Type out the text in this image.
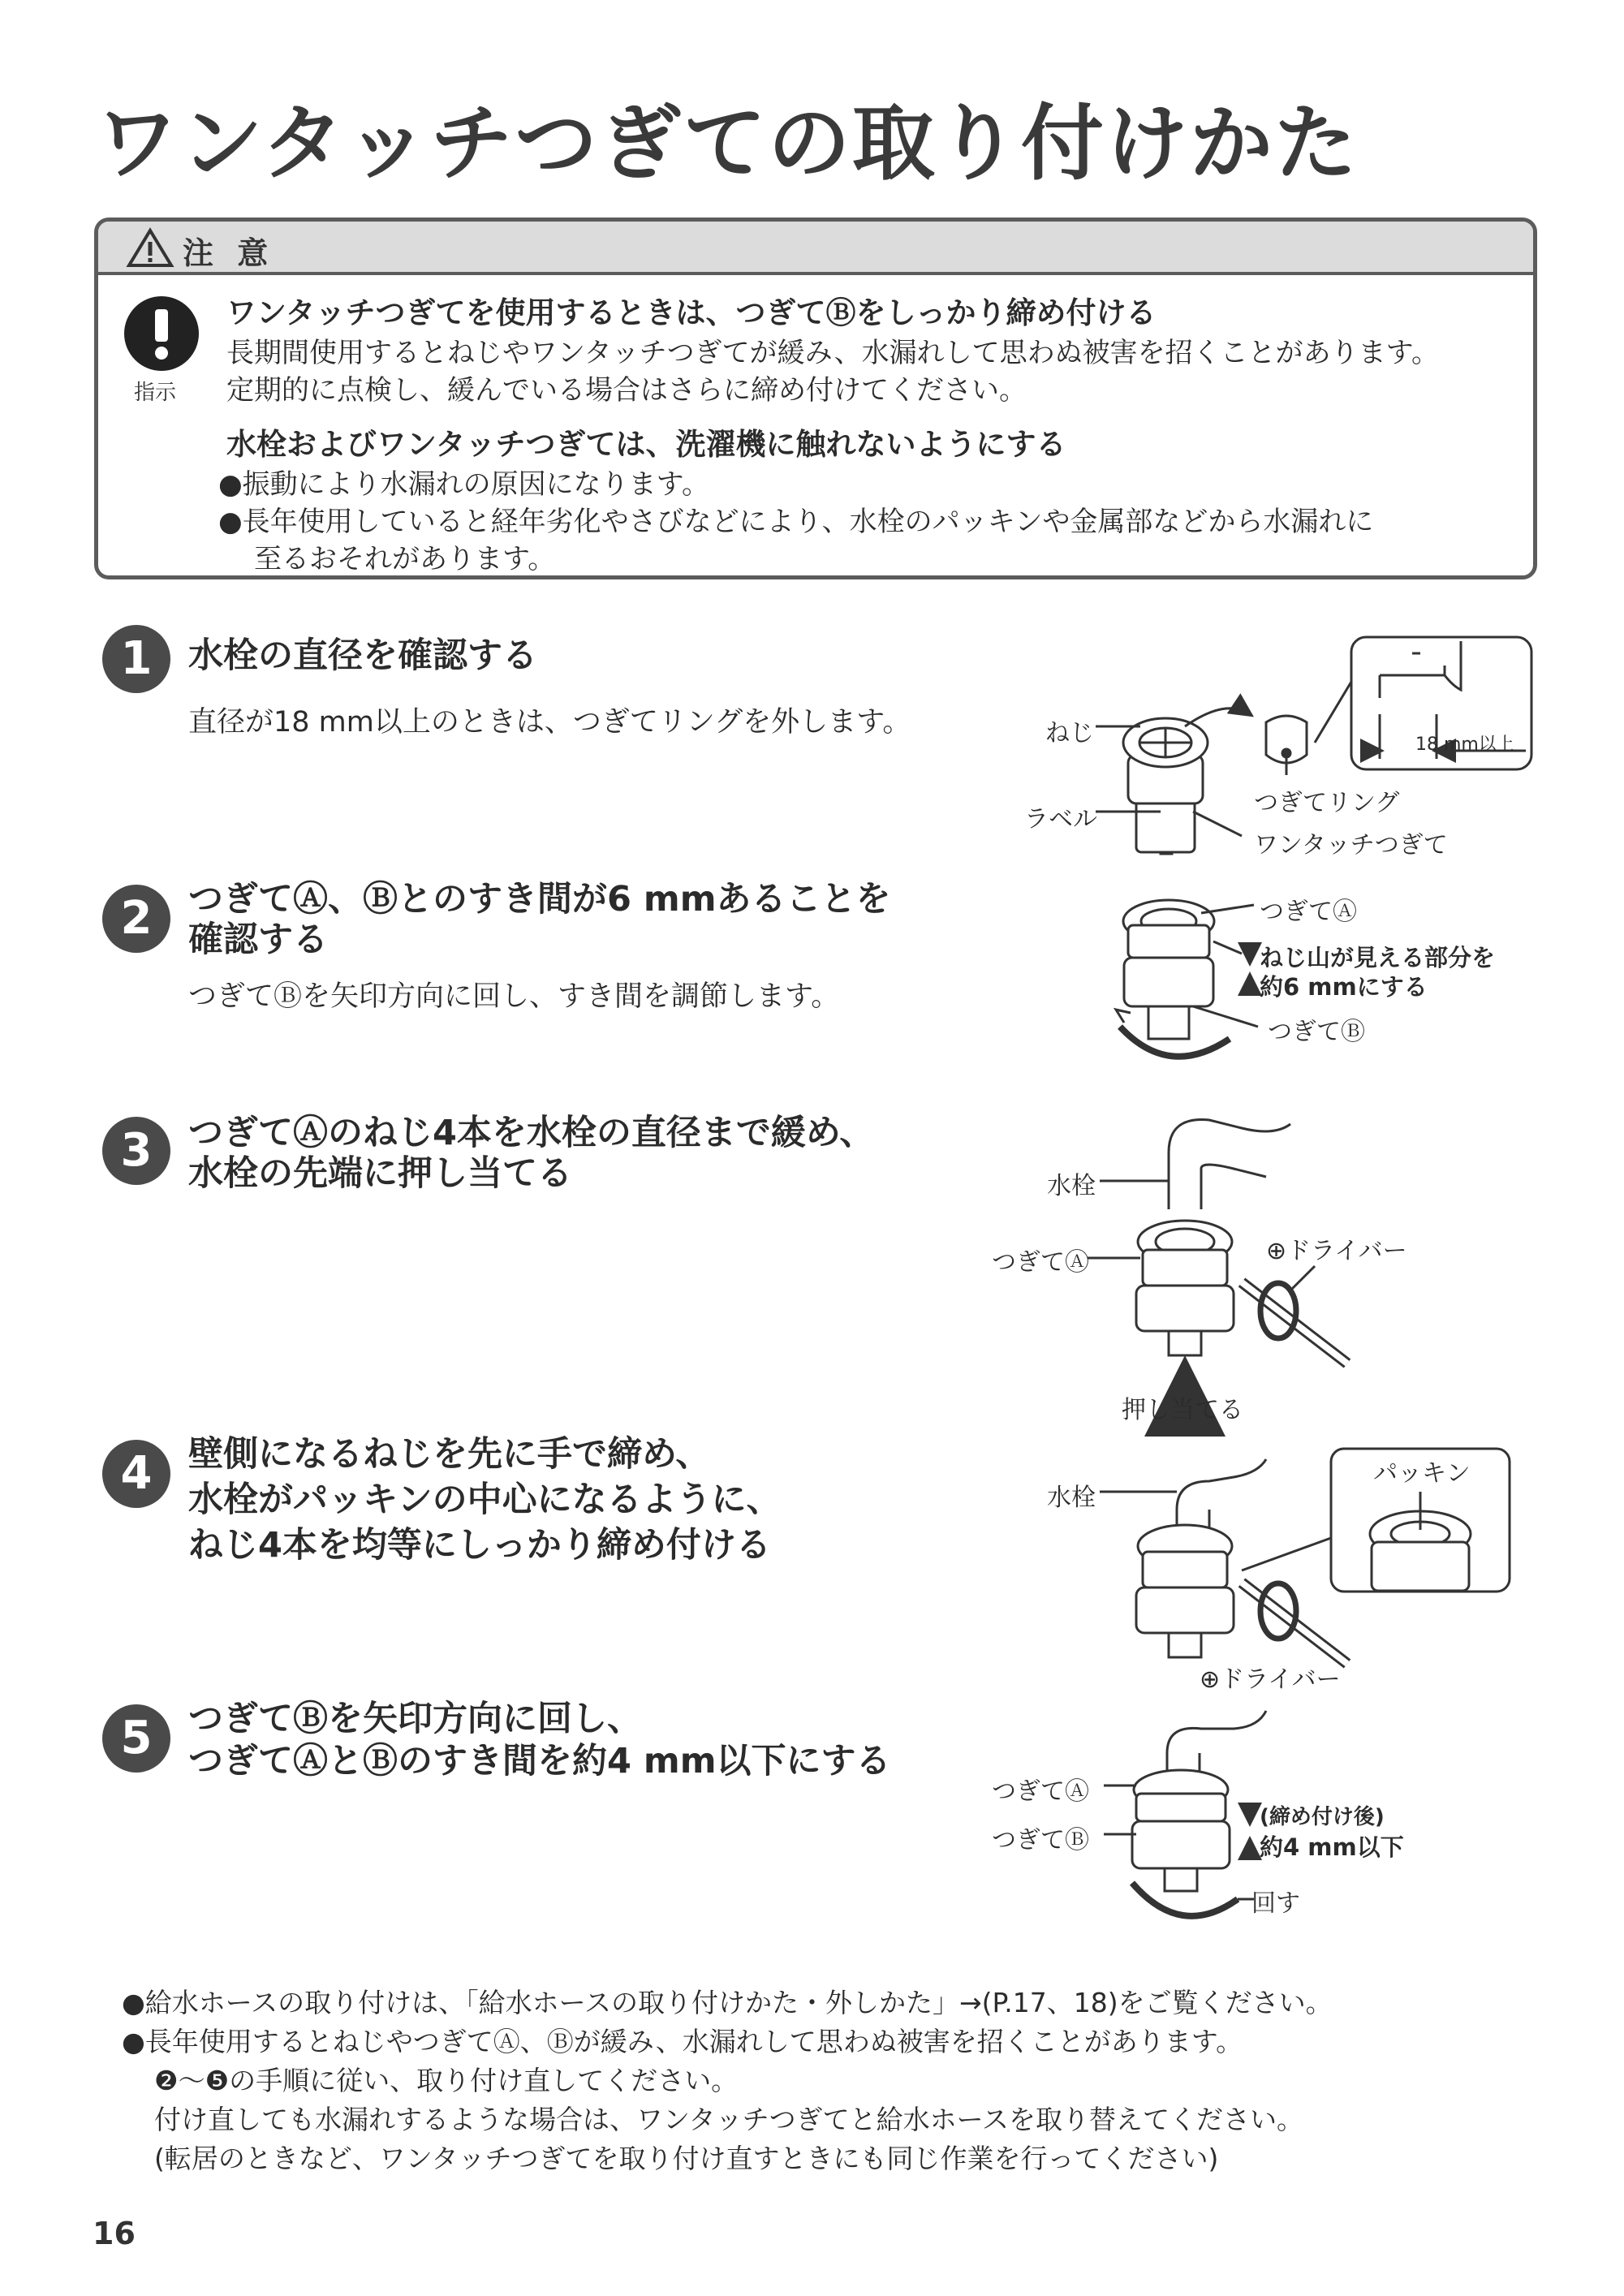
ワンタッチつぎての取り付けかた
注 意
指示
ワンタッチつぎてを使用するときは、つぎてⒷをしっかり締め付ける
長期間使用するとねじやワンタッチつぎてが緩み、水漏れして思わぬ被害を招くことがあります。
定期的に点検し、緩んでいる場合はさらに締め付けてください。
水栓およびワンタッチつぎては、洗濯機に触れないようにする
●振動により水漏れの原因になります。
●長年使用していると経年劣化やさびなどにより、水栓のパッキンや金属部などから水漏れに
至るおそれがあります。
1	水栓の直径を確認する
直径が18 mm以上のときは、つぎてリングを外します。
2	つぎてⒶ、Ⓑとのすき間が6 mmあることを
確認する
つぎてⒷを矢印方向に回し、すき間を調節します。
3	つぎてⒶのねじ4本を水栓の直径まで緩め、
水栓の先端に押し当てる
4	壁側になるねじを先に手で締め、
水栓がパッキンの中心になるように、
ねじ4本を均等にしっかり締め付ける
5	つぎてⒷを矢印方向に回し、
つぎてⒶとⒷのすき間を約4 mm以下にする
ねじ
ラベル
つぎてリング
ワンタッチつぎて
18 mm以上
つぎてⒶ
ねじ山が見える部分を
約6 mmにする
つぎてⒷ
水栓
つぎてⒶ	⊕ドライバー
押し当てる
水栓
パッキン
⊕ドライバー
つぎてⒶ
つぎてⒷ
(締め付け後)
約4 mm以下
回す
●給水ホースの取り付けは、「給水ホースの取り付けかた・外しかた」→(P.17、18)をご覧ください。
●長年使用するとねじやつぎてⒶ、Ⓑが緩み、水漏れして思わぬ被害を招くことがあります。
❷〜❺の手順に従い、取り付け直してください。
付け直しても水漏れするような場合は、ワンタッチつぎてと給水ホースを取り替えてください。
(転居のときなど、ワンタッチつぎてを取り付け直すときにも同じ作業を行ってください)
16
